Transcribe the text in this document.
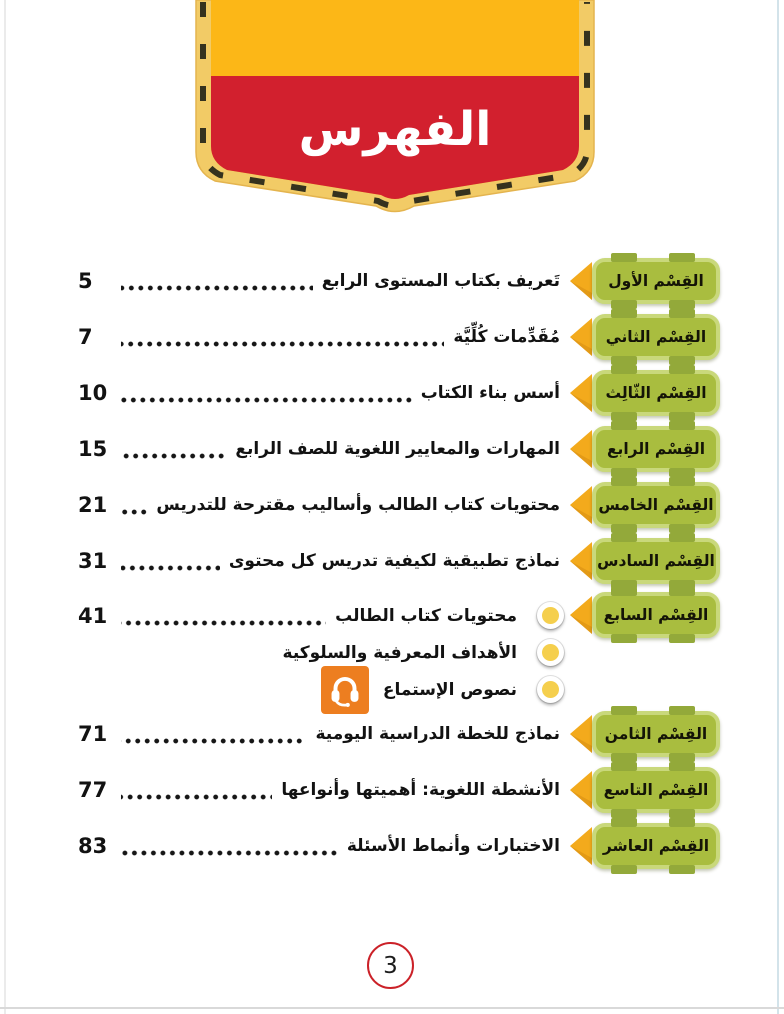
الفهرس
القِسْم الأول
تَعريف بكتاب المستوى الرابع
5
القِسْم الثاني
مُقَدِّمات كُلِّيَّة
7
القِسْم الثّالِث
أسس بناء الكتاب
10
القِسْم الرابع
المهارات والمعايير اللغوية للصف الرابع
15
القِسْم الخامس
محتويات كتاب الطالب وأساليب مقترحة للتدريس
21
القِسْم السادس
نماذج تطبيقية لكيفية تدريس كل محتوى
31
القِسْم السابع
محتويات كتاب الطالب
41
الأهداف المعرفية والسلوكية
نصوص الإستماع
القِسْم الثامن
نماذج للخطة الدراسية اليومية
71
القِسْم التاسع
الأنشطة اللغوية: أهميتها وأنواعها
77
القِسْم العاشر
الاختبارات وأنماط الأسئلة
83
3
